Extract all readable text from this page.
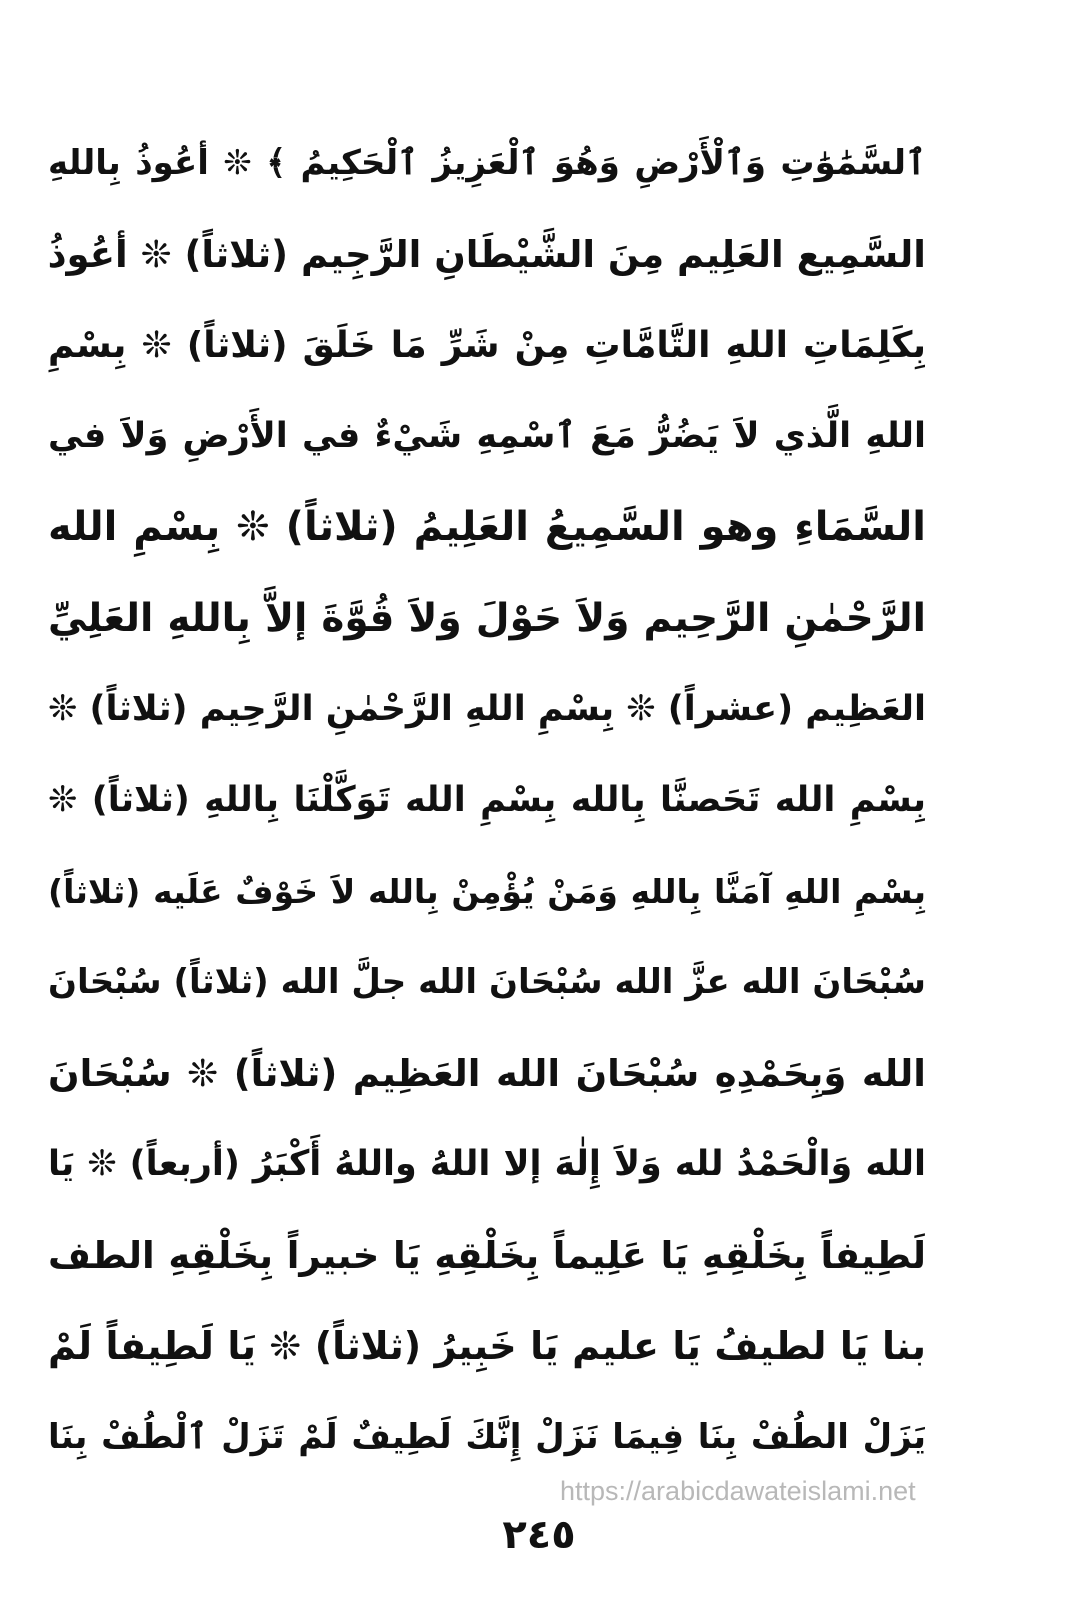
ٱلسَّمَٰوَٰتِ وَٱلْأَرْضِ وَهُوَ ٱلْعَزِيزُ ٱلْحَكِيمُ ﴾ ❊ أعُوذُ بِاللهِ
السَّمِيع العَلِيم مِنَ الشَّيْطَانِ الرَّجِيم (ثلاثاً) ❊ أعُوذُ
بِكَلِمَاتِ اللهِ التَّامَّاتِ مِنْ شَرِّ مَا خَلَقَ (ثلاثاً) ❊ بِسْمِ
اللهِ الَّذي لاَ يَضُرُّ مَعَ ٱسْمِهِ شَيْءٌ في الأَرْضِ وَلاَ في
السَّمَاءِ وهو السَّمِيعُ العَلِيمُ (ثلاثاً) ❊ بِسْمِ الله
الرَّحْمٰنِ الرَّحِيم وَلاَ حَوْلَ وَلاَ قُوَّةَ إلاَّ بِاللهِ العَلِيِّ
العَظِيم (عشراً) ❊ بِسْمِ اللهِ الرَّحْمٰنِ الرَّحِيم (ثلاثاً) ❊
بِسْمِ الله تَحَصنَّا بِالله بِسْمِ الله تَوَكَّلْنَا بِاللهِ (ثلاثاً) ❊
بِسْمِ اللهِ آمَنَّا بِاللهِ وَمَنْ يُؤْمِنْ بِالله لاَ خَوْفٌ عَلَيه (ثلاثاً)
سُبْحَانَ الله عزَّ الله سُبْحَانَ الله جلَّ الله (ثلاثاً) سُبْحَانَ
الله وَبِحَمْدِهِ سُبْحَانَ الله العَظِيم (ثلاثاً) ❊ سُبْحَانَ
الله وَالْحَمْدُ لله وَلاَ إِلٰهَ إلا اللهُ واللهُ أَكْبَرُ (أربعاً) ❊ يَا
لَطِيفاً بِخَلْقِهِ يَا عَلِيماً بِخَلْقِهِ يَا خبيراً بِخَلْقِهِ الطف
بنا يَا لطيفُ يَا عليم يَا خَبِيرُ (ثلاثاً) ❊ يَا لَطِيفاً لَمْ
يَزَلْ الطُفْ بِنَا فِيمَا نَزَلْ إِنَّكَ لَطِيفٌ لَمْ تَزَلْ ٱلْطُفْ بِنَا
https://arabicdawateislami.net
٢٤٥
